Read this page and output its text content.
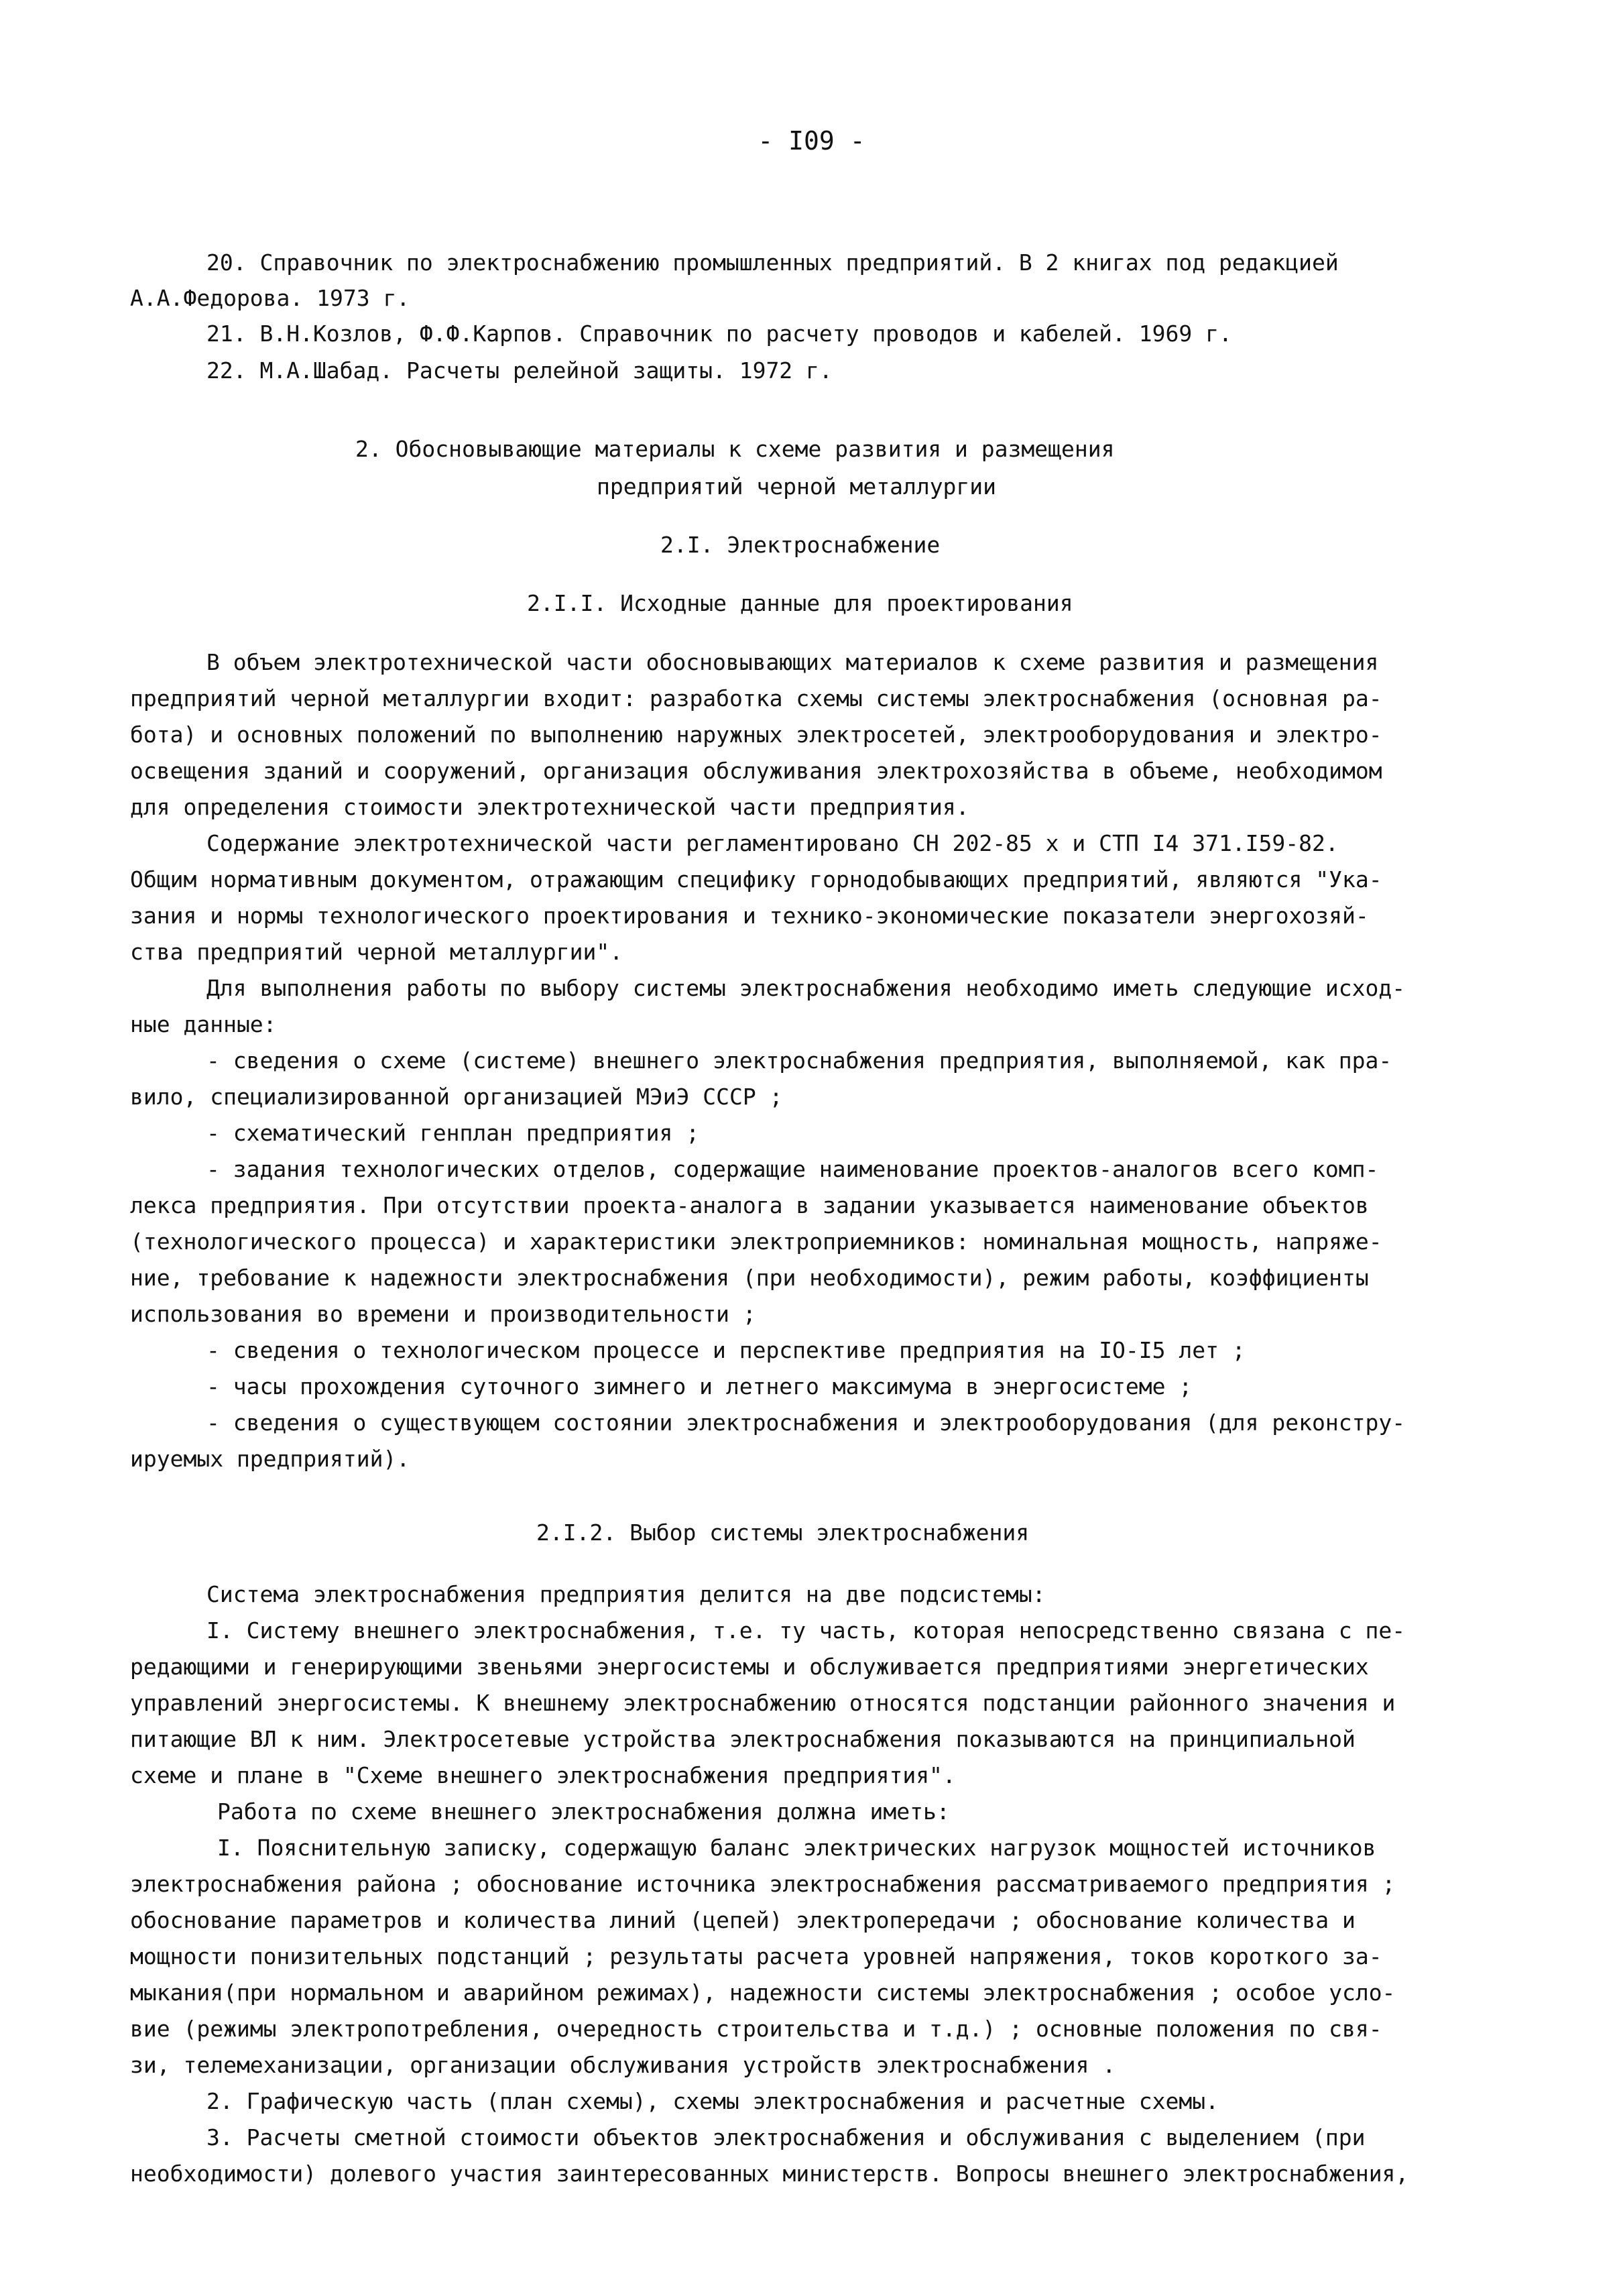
- I09 -
20. Справочник по электроснабжению промышленных предприятий. В 2 книгах под редакцией
А.А.Федорова. 1973 г.
21. В.Н.Козлов, Ф.Ф.Карпов. Справочник по расчету проводов и кабелей. 1969 г.
22. М.А.Шабад. Расчеты релейной защиты. 1972 г.
2. Обосновывающие материалы к схеме развития и размещения
предприятий черной металлургии
2.I. Электроснабжение
2.I.I. Исходные данные для проектирования
В объем электротехнической части обосновывающих материалов к схеме развития и размещения
предприятий черной металлургии входит: разработка схемы системы электроснабжения (основная ра-
бота) и основных положений по выполнению наружных электросетей, электрооборудования и электро-
освещения зданий и сооружений, организация обслуживания электрохозяйства в объеме, необходимом
для определения стоимости электротехнической части предприятия.
Содержание электротехнической части регламентировано СН 202-85 x и СТП I4 371.I59-82.
Общим нормативным документом, отражающим специфику горнодобывающих предприятий, являются "Ука-
зания и нормы технологического проектирования и технико-экономические показатели энергохозяй-
ства предприятий черной металлургии".
Для выполнения работы по выбору системы электроснабжения необходимо иметь следующие исход-
ные данные:
- сведения о схеме (системе) внешнего электроснабжения предприятия, выполняемой, как пра-
вило, специализированной организацией МЭиЭ СССР ;
- схематический генплан предприятия ;
- задания технологических отделов, содержащие наименование проектов-аналогов всего комп-
лекса предприятия. При отсутствии проекта-аналога в задании указывается наименование объектов
(технологического процесса) и характеристики электроприемников: номинальная мощность, напряже-
ние, требование к надежности электроснабжения (при необходимости), режим работы, коэффициенты
использования во времени и производительности ;
- сведения о технологическом процессе и перспективе предприятия на IO-I5 лет ;
- часы прохождения суточного зимнего и летнего максимума в энергосистеме ;
- сведения о существующем состоянии электроснабжения и электрооборудования (для реконстру-
ируемых предприятий).
2.I.2. Выбор системы электроснабжения
Система электроснабжения предприятия делится на две подсистемы:
I. Систему внешнего электроснабжения, т.е. ту часть, которая непосредственно связана с пе-
редающими и генерирующими звеньями энергосистемы и обслуживается предприятиями энергетических
управлений энергосистемы. К внешнему электроснабжению относятся подстанции районного значения и
питающие ВЛ к ним. Электросетевые устройства электроснабжения показываются на принципиальной
схеме и плане в "Схеме внешнего электроснабжения предприятия".
Работа по схеме внешнего электроснабжения должна иметь:
I. Пояснительную записку, содержащую баланс электрических нагрузок мощностей источников
электроснабжения района ; обоснование источника электроснабжения рассматриваемого предприятия ;
обоснование параметров и количества линий (цепей) электропередачи ; обоснование количества и
мощности понизительных подстанций ; результаты расчета уровней напряжения, токов короткого за-
мыкания(при нормальном и аварийном режимах), надежности системы электроснабжения ; особое усло-
вие (режимы электропотребления, очередность строительства и т.д.) ; основные положения по свя-
зи, телемеханизации, организации обслуживания устройств электроснабжения .
2. Графическую часть (план схемы), схемы электроснабжения и расчетные схемы.
3. Расчеты сметной стоимости объектов электроснабжения и обслуживания с выделением (при
необходимости) долевого участия заинтересованных министерств. Вопросы внешнего электроснабжения,
